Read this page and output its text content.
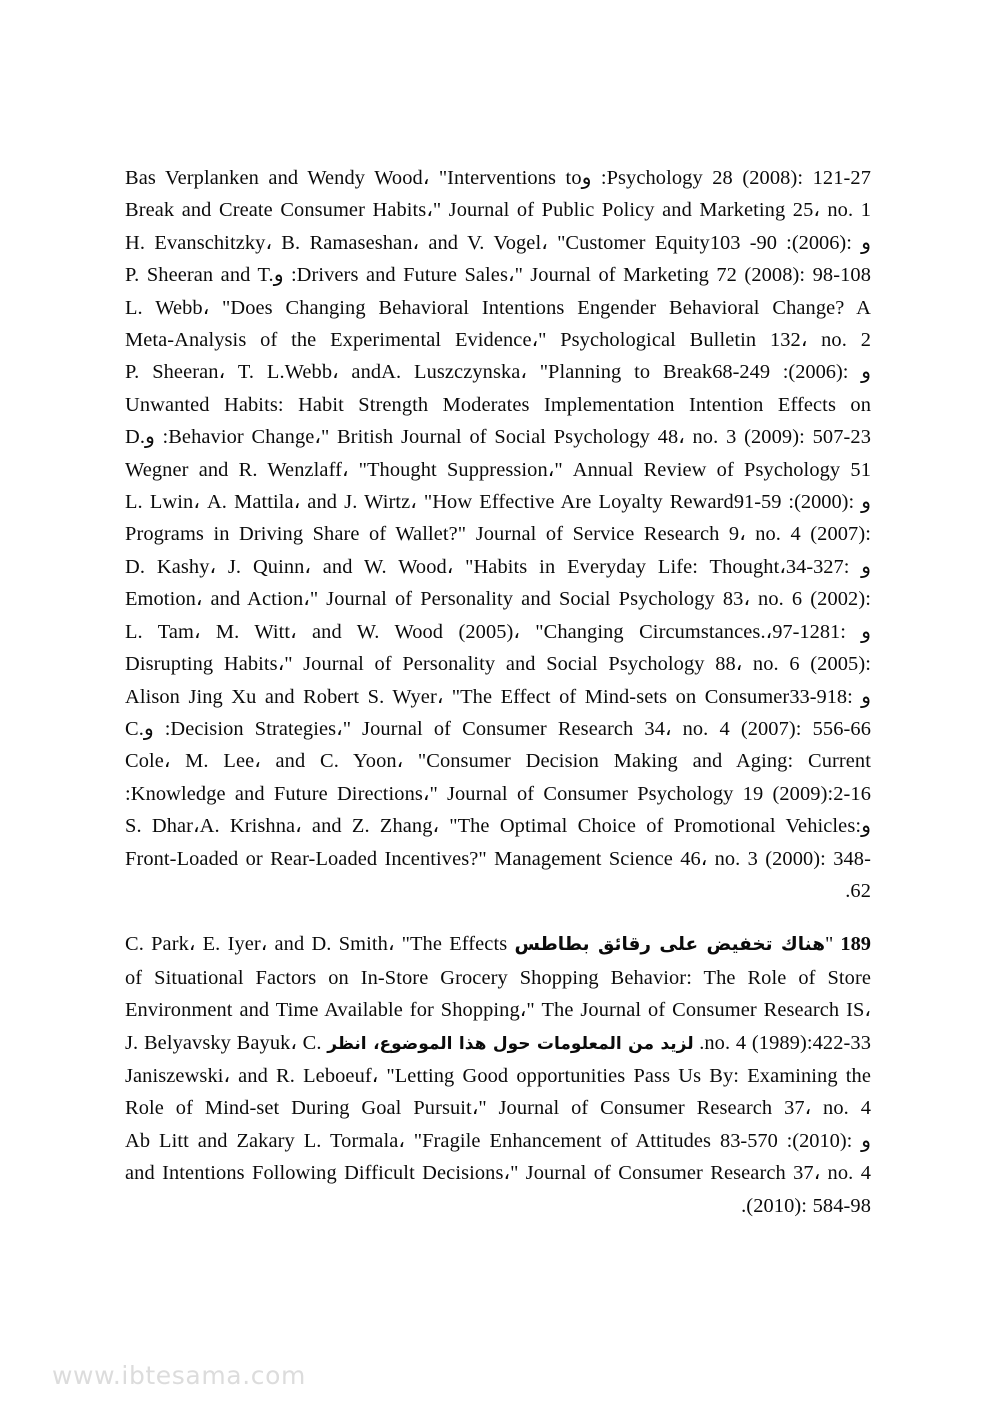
Bas Verplanken and Wendy Wood، "Interventions toو :Psychology 28 (2008): 121-27
Break and Create Consumer Habits،" Journal of Public Policy and Marketing 25، no. 1
H. Evanschitzky، B. Ramaseshan، and V. Vogel، "Customer Equityو :(2006): 90- 103
P. Sheeran and T.و :Drivers and Future Sales،" Journal of Marketing 72 (2008): 98-108
L. Webb، "Does Changing Behavioral Intentions Engender Behavioral Change? A
Meta-Analysis of the Experimental Evidence،" Psychological Bulletin 132، no. 2
P. Sheeran، T. L.Webb، andA. Luszczynska، "Planning to Breakو :(2006): 249-68
Unwanted Habits: Habit Strength Moderates Implementation Intention Effects on
D.و :Behavior Change،" British Journal of Social Psychology 48، no. 3 (2009): 507-23
Wegner and R. Wenzlaff، "Thought Suppression،" Annual Review of Psychology 51
L. Lwin، A. Mattila، and J. Wirtz، "How Effective Are Loyalty Rewardو :(2000): 59-91
Programs in Driving Share of Wallet?" Journal of Service Research 9، no. 4 (2007):
D. Kashy، J. Quinn، and W. Wood، "Habits in Everyday Life: Thought،و :327-34
Emotion، and Action،" Journal of Personality and Social Psychology 83، no. 6 (2002):
L. Tam، M. Witt، and W. Wood (2005)، "Changing Circumstances.،و :1281-97
Disrupting Habits،" Journal of Personality and Social Psychology 88، no. 6 (2005):
Alison Jing Xu and Robert S. Wyer، "The Effect of Mind-sets on Consumerو :918-33
C.و :Decision Strategies،" Journal of Consumer Research 34، no. 4 (2007): 556-66
Cole، M. Lee، and C. Yoon، "Consumer Decision Making and Aging: Current
:Knowledge and Future Directions،" Journal of Consumer Psychology 19 (2009):2-16
S. Dhar،A. Krishna، and Z. Zhang، "The Optimal Choice of Promotional Vehicles:و
Front-Loaded or Rear-Loaded Incentives?" Management Science 46، no. 3 (2000): 348-
.62

C. Park، E. Iyer، and D. Smith، "The Effects هناك تخفيض على رقائق بطاطس" 189
of Situational Factors on In-Store Grocery Shopping Behavior: The Role of Store
Environment and Time Available for Shopping،" The Journal of Consumer Research IS،
J. Belyavsky Bayuk، C. لزيد من المعلومات حول هذا الموضوع، انظر .no. 4 (1989):422-33
Janiszewski، and R. Leboeuf، "Letting Good opportunities Pass Us By: Examining the
Role of Mind-set During Goal Pursuit،" Journal of Consumer Research 37، no. 4
Ab Litt and Zakary L. Tormala، "Fragile Enhancement of Attitudes و :(2010): 570-83
and Intentions Following Difficult Decisions،" Journal of Consumer Research 37، no. 4
.(2010): 584-98

www.ibtesama.com
